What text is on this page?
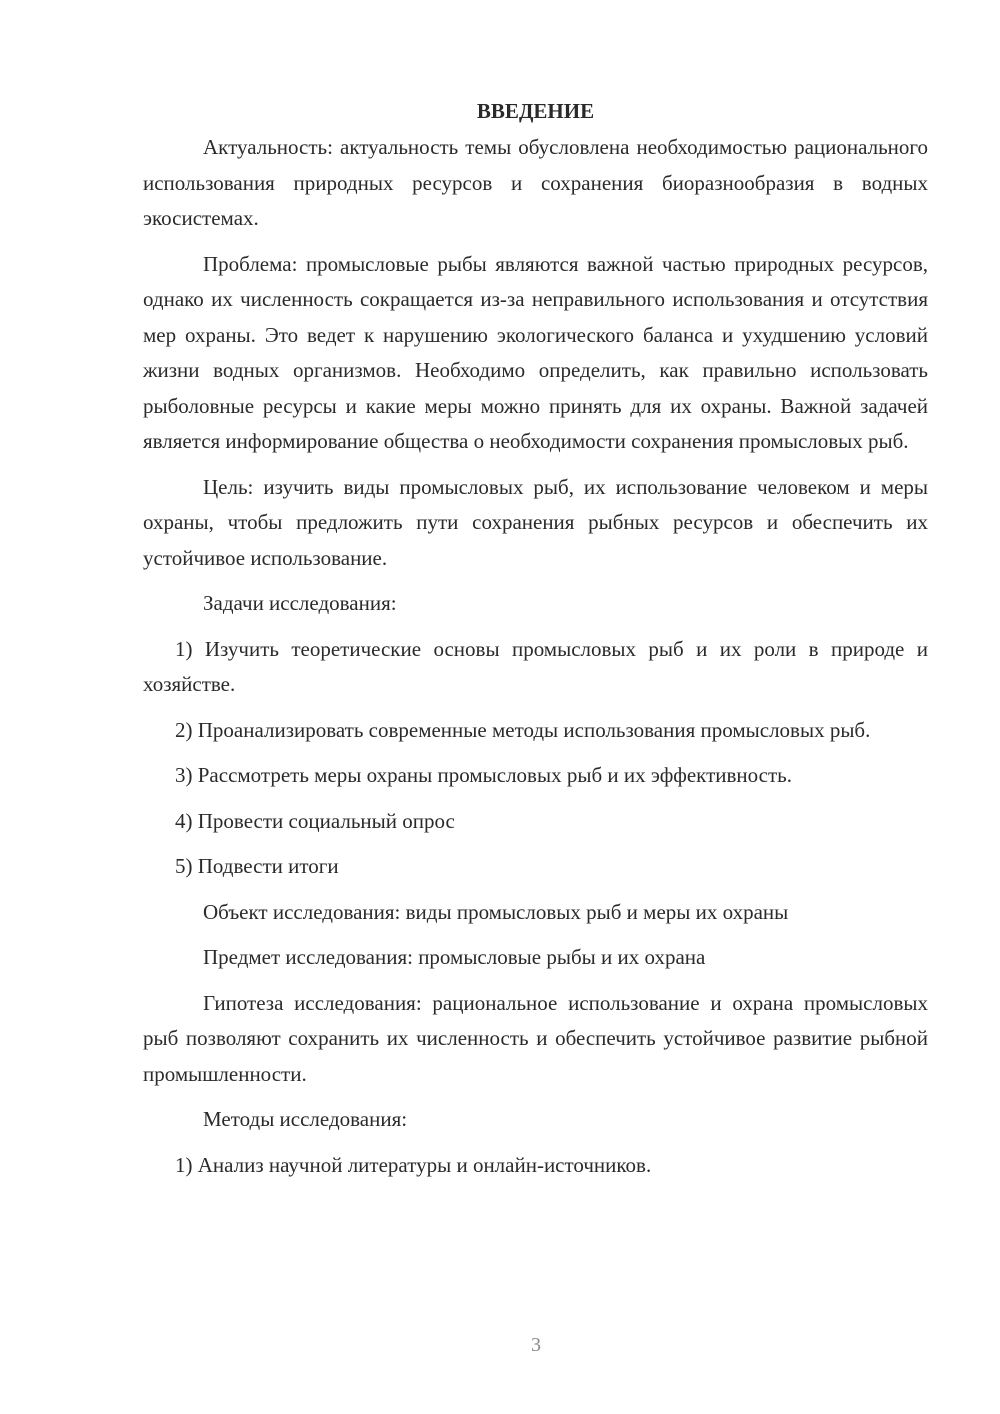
ВВЕДЕНИЕ

Актуальность: актуальность темы обусловлена необходимостью рационального использования природных ресурсов и сохранения биоразнообразия в водных экосистемах.

Проблема: промысловые рыбы являются важной частью природных ресурсов, однако их численность сокращается из-за неправильного использования и отсутствия мер охраны. Это ведет к нарушению экологического баланса и ухудшению условий жизни водных организмов. Необходимо определить, как правильно использовать рыболовные ресурсы и какие меры можно принять для их охраны. Важной задачей является информирование общества о необходимости сохранения промысловых рыб.

Цель: изучить виды промысловых рыб, их использование человеком и меры охраны, чтобы предложить пути сохранения рыбных ресурсов и обеспечить их устойчивое использование.

Задачи исследования:

1) Изучить теоретические основы промысловых рыб и их роли в природе и хозяйстве.

2) Проанализировать современные методы использования промысловых рыб.

3) Рассмотреть меры охраны промысловых рыб и их эффективность.

4) Провести социальный опрос

5) Подвести итоги

Объект исследования: виды промысловых рыб и меры их охраны

Предмет исследования: промысловые рыбы и их охрана

Гипотеза исследования: рациональное использование и охрана промысловых рыб позволяют сохранить их численность и обеспечить устойчивое развитие рыбной промышленности.

Методы исследования:

1) Анализ научной литературы и онлайн-источников.

3
